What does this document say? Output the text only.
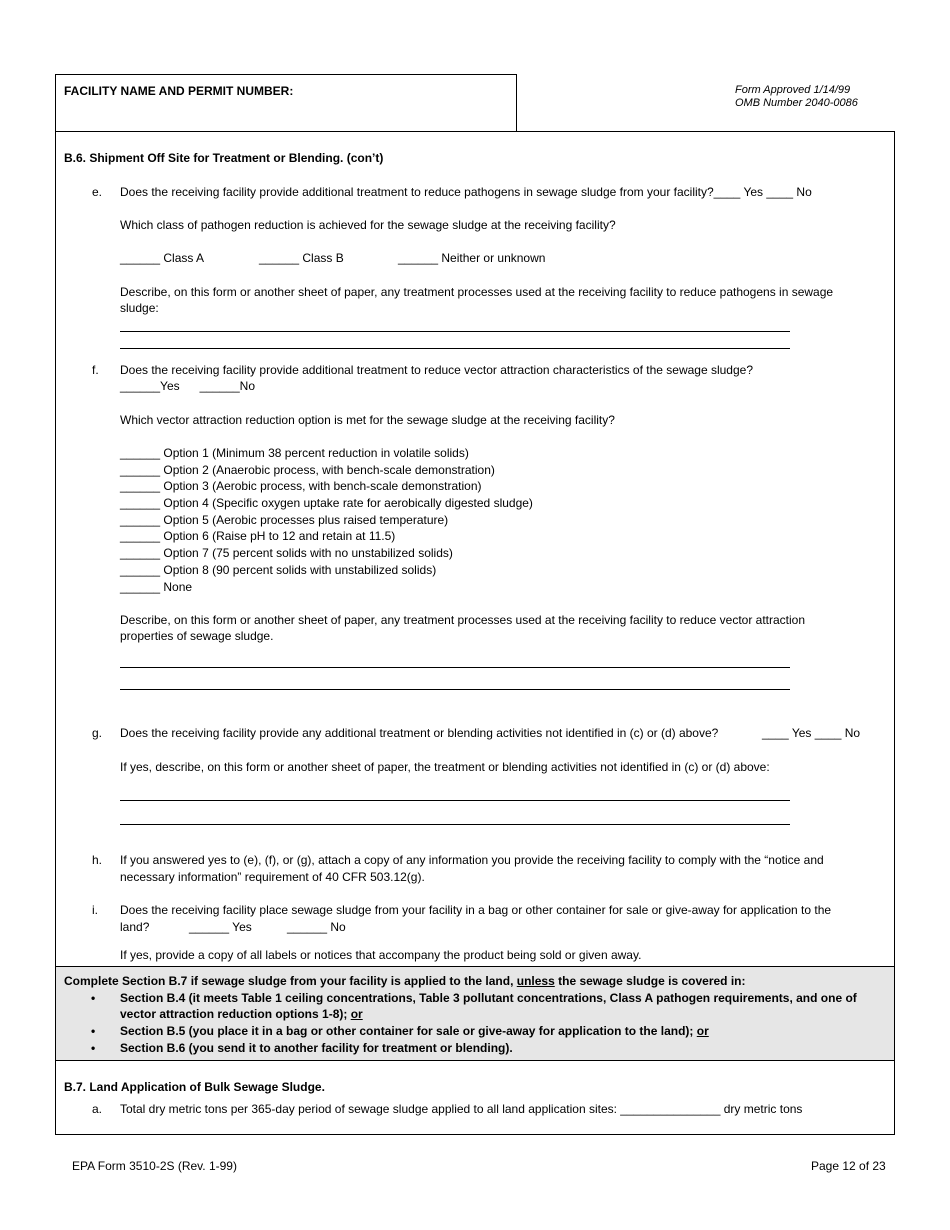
FACILITY NAME AND PERMIT NUMBER:	Form Approved 1/14/99
OMB Number 2040-0086
B.6. Shipment Off Site for Treatment or Blending. (con’t)
e. Does the receiving facility provide additional treatment to reduce pathogens in sewage sludge from your facility?____ Yes ____ No
Which class of pathogen reduction is achieved for the sewage sludge at the receiving facility?
______ Class A	______ Class B	______ Neither or unknown
Describe, on this form or another sheet of paper, any treatment processes used at the receiving facility to reduce pathogens in sewage
sludge:
f. Does the receiving facility provide additional treatment to reduce vector attraction characteristics of the sewage sludge?
______Yes      ______No
Which vector attraction reduction option is met for the sewage sludge at the receiving facility?
______ Option 1 (Minimum 38 percent reduction in volatile solids)
______ Option 2 (Anaerobic process, with bench-scale demonstration)
______ Option 3 (Aerobic process, with bench-scale demonstration)
______ Option 4 (Specific oxygen uptake rate for aerobically digested sludge)
______ Option 5 (Aerobic processes plus raised temperature)
______ Option 6 (Raise pH to 12 and retain at 11.5)
______ Option 7 (75 percent solids with no unstabilized solids)
______ Option 8 (90 percent solids with unstabilized solids)
______ None
Describe, on this form or another sheet of paper, any treatment processes used at the receiving facility to reduce vector attraction
properties of sewage sludge.
g. Does the receiving facility provide any additional treatment or blending activities not identified in (c) or (d) above?	____ Yes ____ No
If yes, describe, on this form or another sheet of paper, the treatment or blending activities not identified in (c) or (d) above:
h. If you answered yes to (e), (f), or (g), attach a copy of any information you provide the receiving facility to comply with the “notice and
necessary information” requirement of 40 CFR 503.12(g).
i. Does the receiving facility place sewage sludge from your facility in a bag or other container for sale or give-away for application to the
land?	______ Yes	______ No
If yes, provide a copy of all labels or notices that accompany the product being sold or given away.
Complete Section B.7 if sewage sludge from your facility is applied to the land, unless the sewage sludge is covered in:
• Section B.4 (it meets Table 1 ceiling concentrations, Table 3 pollutant concentrations, Class A pathogen requirements, and one of
vector attraction reduction options 1-8); or
• Section B.5 (you place it in a bag or other container for sale or give-away for application to the land); or
• Section B.6 (you send it to another facility for treatment or blending).
B.7. Land Application of Bulk Sewage Sludge.
a. Total dry metric tons per 365-day period of sewage sludge applied to all land application sites: _______________ dry metric tons
EPA Form 3510-2S (Rev. 1-99)	Page 12 of 23
